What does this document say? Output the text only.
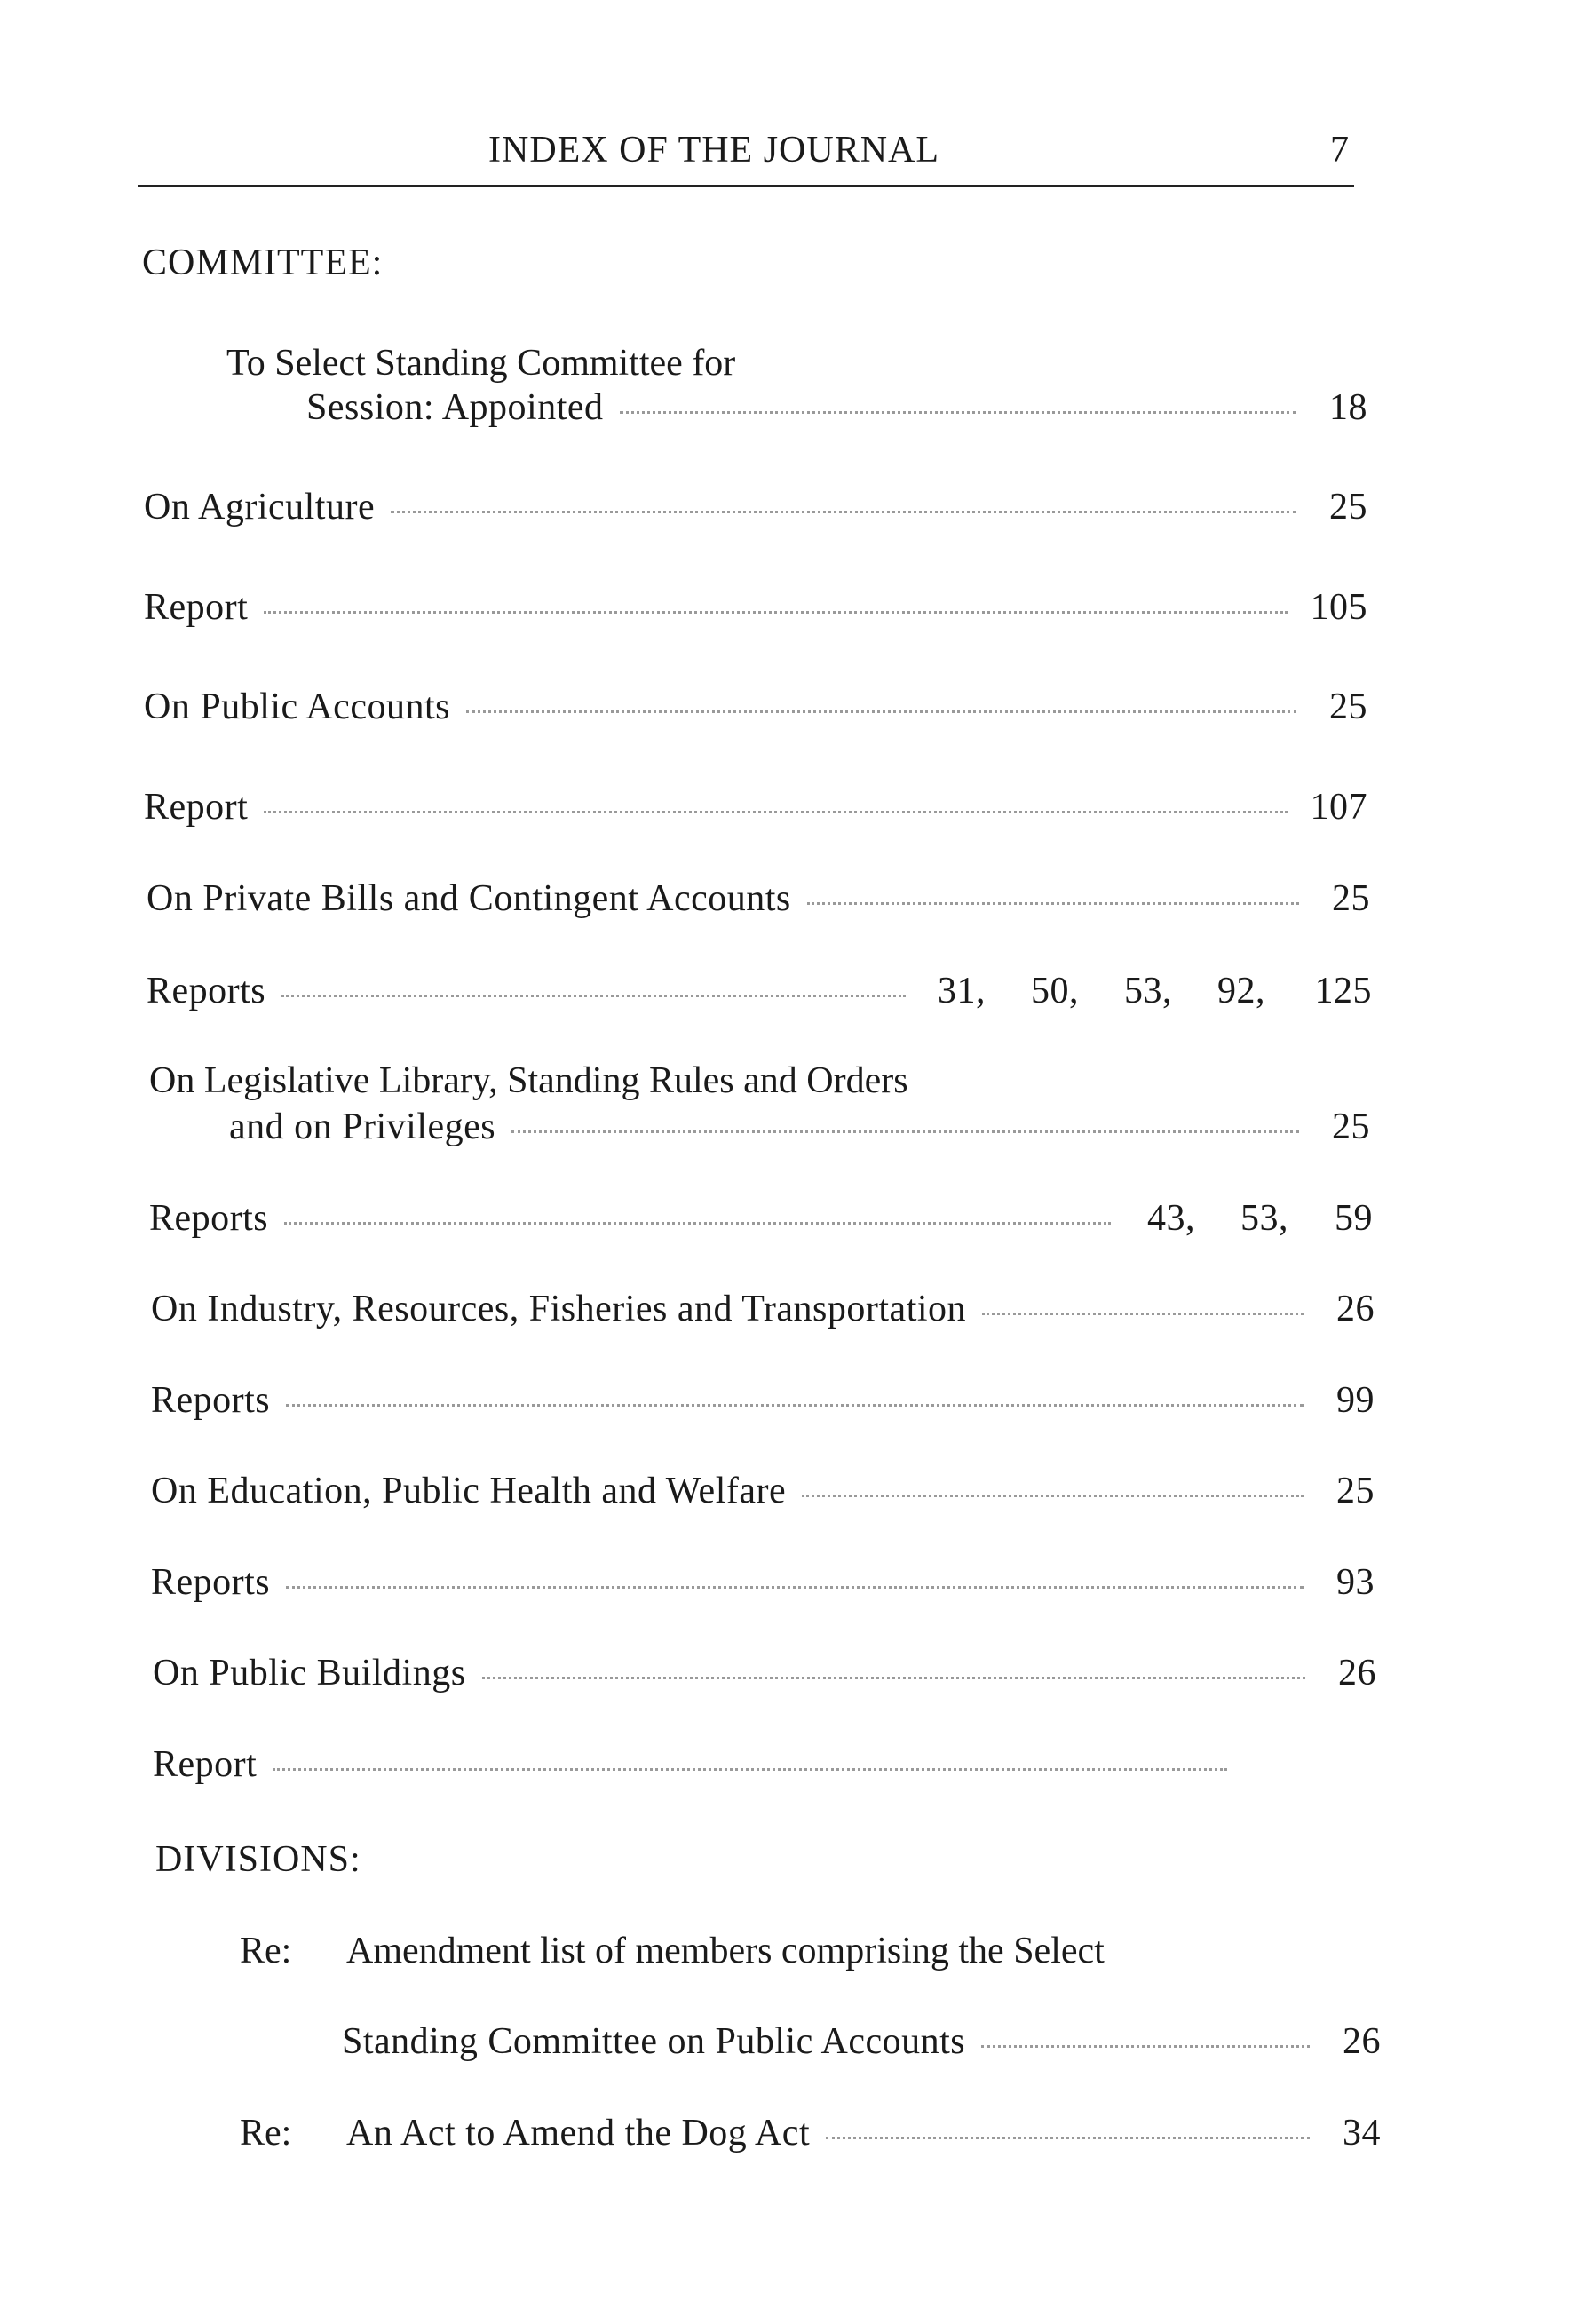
INDEX OF THE JOURNAL	7
COMMITTEE:
To Select Standing Committee for
Session: Appointed	18
On Agriculture	25
Report	105
On Public Accounts	25
Report	107
On Private Bills and Contingent Accounts	25
Reports	31,	50,	53,	92,	125
On Legislative Library, Standing Rules and Orders
and on Privileges	25
Reports	43,	53,	59
On Industry, Resources, Fisheries and Transportation	26
Reports	99
On Education, Public Health and Welfare	25
Reports	93
On Public Buildings	26
Report
DIVISIONS:
Re: Amendment list of members comprising the Select
Standing Committee on Public Accounts	26
Re: An Act to Amend the Dog Act	34
